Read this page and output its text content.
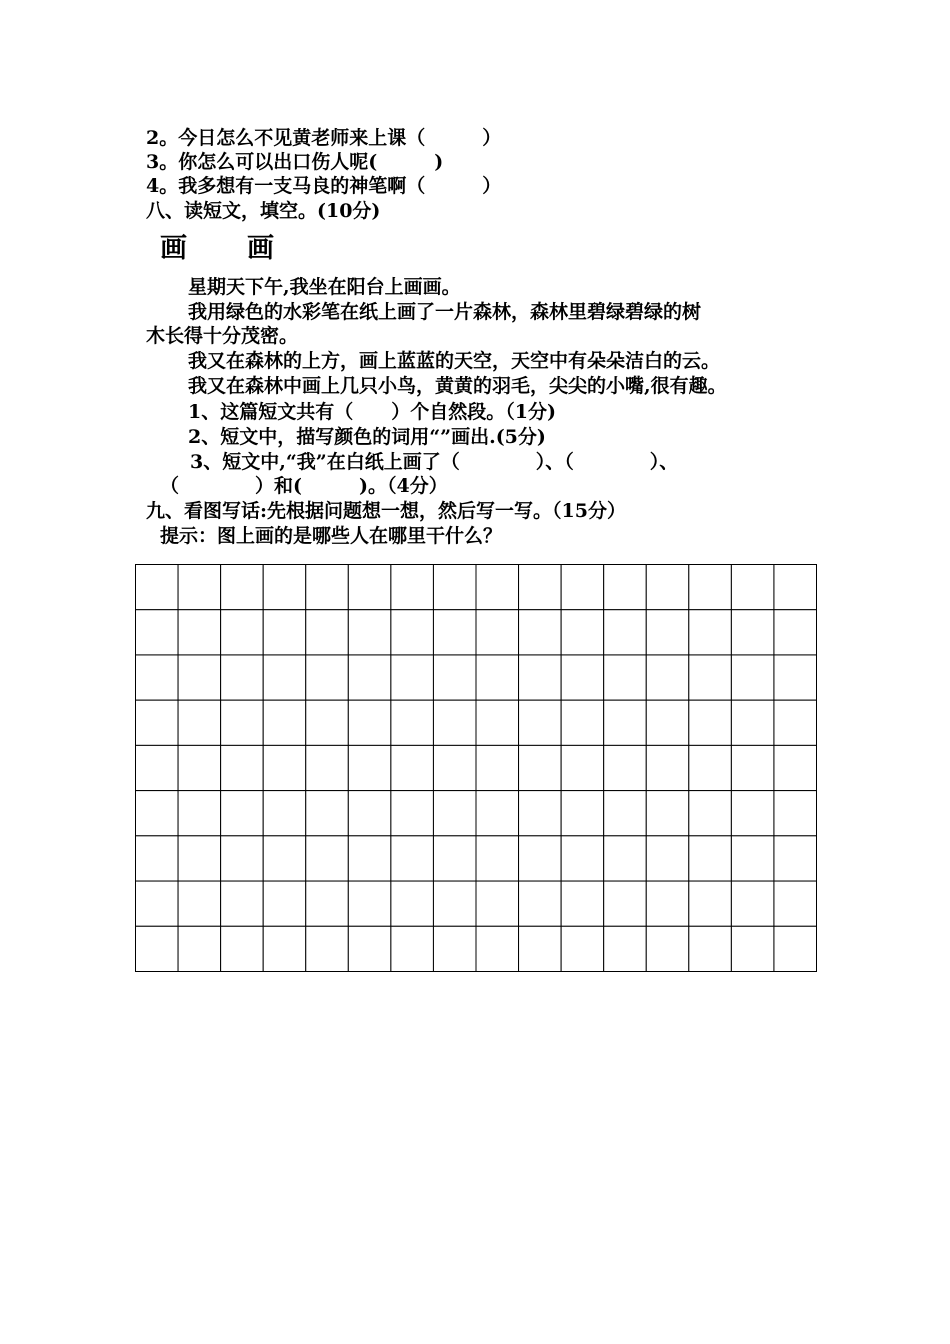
2。今日怎么不见黄老师来上课（　　　）
3。你怎么可以出口伤人呢(　　　)
4。我多想有一支马良的神笔啊（　　　）
八、读短文，填空。(10分)
画　　画
星期天下午,我坐在阳台上画画。
我用绿色的水彩笔在纸上画了一片森林，森林里碧绿碧绿的树
木长得十分茂密。
我又在森林的上方，画上蓝蓝的天空，天空中有朵朵洁白的云。
我又在森林中画上几只小鸟，黄黄的羽毛，尖尖的小嘴,很有趣。
1、这篇短文共有（　　）个自然段。（1分)
2、短文中，描写颜色的词用“”画出.(5分)
3、短文中,“我”在白纸上画了（　　　　）、（　　　　）、
（　　　　）和(　　　)。（4分）
九、看图写话:先根据问题想一想，然后写一写。（15分）
提示：图上画的是哪些人在哪里干什么？
